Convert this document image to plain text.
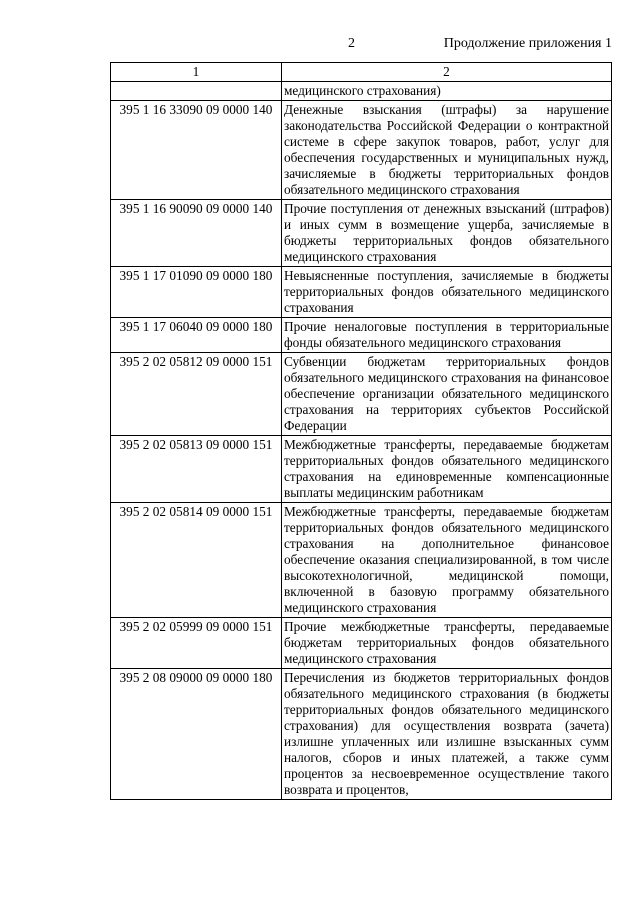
2	Продолжение приложения 1
1	2
	медицинского страхования)
395 1 16 33090 09 0000 140	Денежные взыскания (штрафы) за нарушение законодательства Российской Федерации о контрактной системе в сфере закупок товаров, работ, услуг для обеспечения государственных и муниципальных нужд, зачисляемые в бюджеты территориальных фондов обязательного медицинского страхования
395 1 16 90090 09 0000 140	Прочие поступления от денежных взысканий (штрафов) и иных сумм в возмещение ущерба, зачисляемые в бюджеты территориальных фондов обязательного медицинского страхования
395 1 17 01090 09 0000 180	Невыясненные поступления, зачисляемые в бюджеты территориальных фондов обязательного медицинского страхования
395 1 17 06040 09 0000 180	Прочие неналоговые поступления в территориальные фонды обязательного медицинского страхования
395 2 02 05812 09 0000 151	Субвенции бюджетам территориальных фондов обязательного медицинского страхования на финансовое обеспечение организации обязательного медицинского страхования на территориях субъектов Российской Федерации
395 2 02 05813 09 0000 151	Межбюджетные трансферты, передаваемые бюджетам территориальных фондов обязательного медицинского страхования на единовременные компенсационные выплаты медицинским работникам
395 2 02 05814 09 0000 151	Межбюджетные трансферты, передаваемые бюджетам территориальных фондов обязательного медицинского страхования на дополнительное финансовое обеспечение оказания специализированной, в том числе высокотехнологичной, медицинской помощи, включенной в базовую программу обязательного медицинского страхования
395 2 02 05999 09 0000 151	Прочие межбюджетные трансферты, передаваемые бюджетам территориальных фондов обязательного медицинского страхования
395 2 08 09000 09 0000 180	Перечисления из бюджетов территориальных фондов обязательного медицинского страхования (в бюджеты территориальных фондов обязательного медицинского страхования) для осуществления возврата (зачета) излишне уплаченных или излишне взысканных сумм налогов, сборов и иных платежей, а также сумм процентов за несвоевременное осуществление такого возврата и процентов,
